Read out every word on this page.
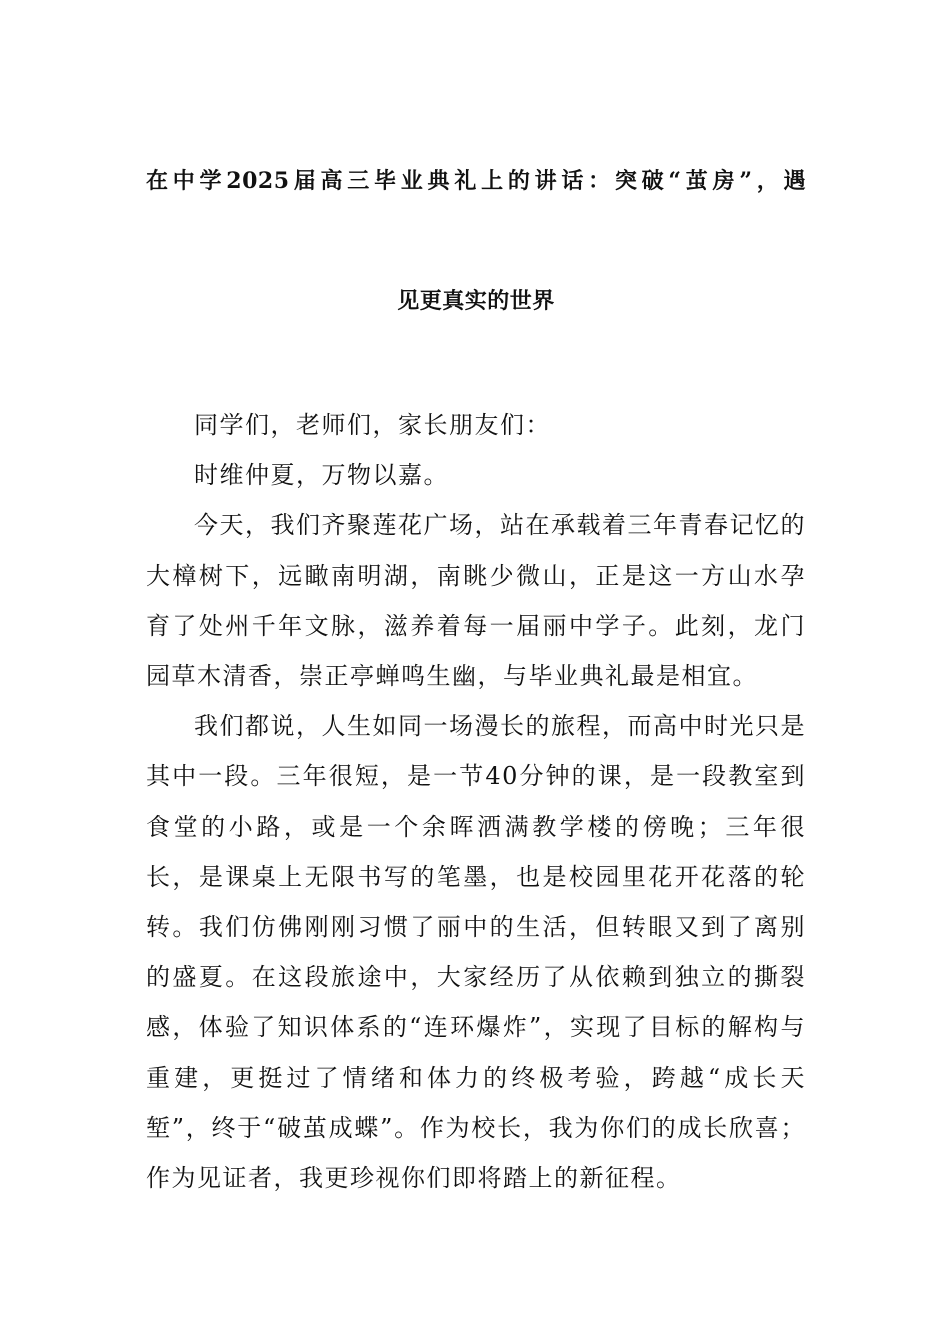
在中学2025届高三毕业典礼上的讲话：突破“茧房”，遇
见更真实的世界

同学们，老师们，家长朋友们：

时维仲夏，万物以嘉。

今天，我们齐聚莲花广场，站在承载着三年青春记忆的大樟树下，远瞰南明湖，南眺少微山，正是这一方山水孕育了处州千年文脉，滋养着每一届丽中学子。此刻，龙门园草木清香，崇正亭蝉鸣生幽，与毕业典礼最是相宜。

我们都说，人生如同一场漫长的旅程，而高中时光只是其中一段。三年很短，是一节40分钟的课，是一段教室到食堂的小路，或是一个余晖洒满教学楼的傍晚；三年很长，是课桌上无限书写的笔墨，也是校园里花开花落的轮转。我们仿佛刚刚习惯了丽中的生活，但转眼又到了离别的盛夏。在这段旅途中，大家经历了从依赖到独立的撕裂感，体验了知识体系的“连环爆炸”，实现了目标的解构与重建，更挺过了情绪和体力的终极考验，跨越“成长天堑”，终于“破茧成蝶”。作为校长，我为你们的成长欣喜；作为见证者，我更珍视你们即将踏上的新征程。
